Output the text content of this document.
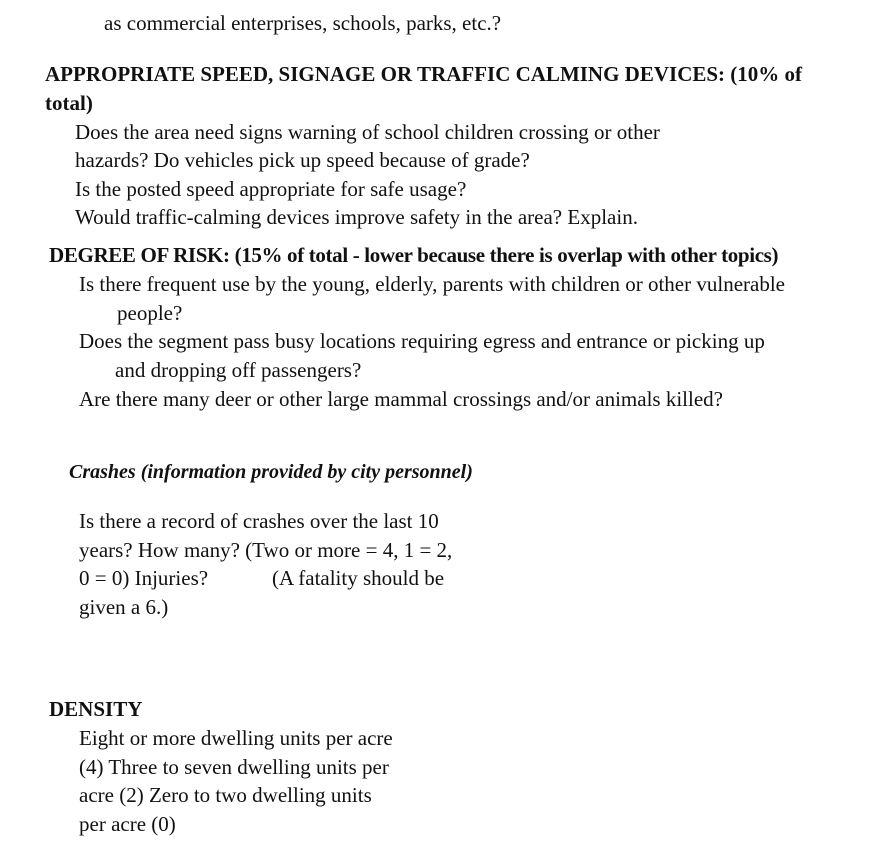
as commercial enterprises, schools, parks, etc.?
APPROPRIATE SPEED, SIGNAGE OR TRAFFIC CALMING DEVICES: (10% of
total)
Does the area need signs warning of school children crossing or other
hazards? Do vehicles pick up speed because of grade?
Is the posted speed appropriate for safe usage?
Would traffic-calming devices improve safety in the area? Explain.
DEGREE OF RISK: (15% of total - lower because there is overlap with other topics)
Is there frequent use by the young, elderly, parents with children or other vulnerable
people?
Does the segment pass busy locations requiring egress and entrance or picking up
and dropping off passengers?
Are there many deer or other large mammal crossings and/or animals killed?
Crashes (information provided by city personnel)
Is there a record of crashes over the last 10
years? How many? (Two or more = 4, 1 = 2,
0 = 0) Injuries?	(A fatality should be
given a 6.)
DENSITY
Eight or more dwelling units per acre
(4) Three to seven dwelling units per
acre (2) Zero to two dwelling units
per acre (0)
